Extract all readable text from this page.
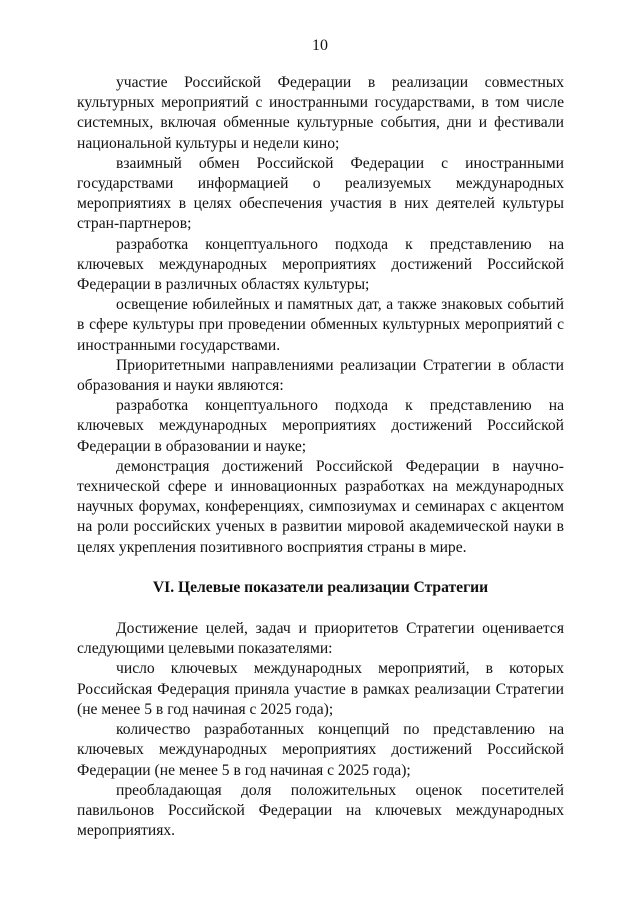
10

участие Российской Федерации в реализации совместных культурных мероприятий с иностранными государствами, в том числе системных, включая обменные культурные события, дни и фестивали национальной культуры и недели кино;

взаимный обмен Российской Федерации с иностранными государствами информацией о реализуемых международных мероприятиях в целях обеспечения участия в них деятелей культуры стран-партнеров;

разработка концептуального подхода к представлению на ключевых международных мероприятиях достижений Российской Федерации в различных областях культуры;

освещение юбилейных и памятных дат, а также знаковых событий в сфере культуры при проведении обменных культурных мероприятий с иностранными государствами.

Приоритетными направлениями реализации Стратегии в области образования и науки являются:

разработка концептуального подхода к представлению на ключевых международных мероприятиях достижений Российской Федерации в образовании и науке;

демонстрация достижений Российской Федерации в научно-технической сфере и инновационных разработках на международных научных форумах, конференциях, симпозиумах и семинарах с акцентом на роли российских ученых в развитии мировой академической науки в целях укрепления позитивного восприятия страны в мире.

VI. Целевые показатели реализации Стратегии

Достижение целей, задач и приоритетов Стратегии оценивается следующими целевыми показателями:

число ключевых международных мероприятий, в которых Российская Федерация приняла участие в рамках реализации Стратегии (не менее 5 в год начиная с 2025 года);

количество разработанных концепций по представлению на ключевых международных мероприятиях достижений Российской Федерации (не менее 5 в год начиная с 2025 года);

преобладающая доля положительных оценок посетителей павильонов Российской Федерации на ключевых международных мероприятиях.
